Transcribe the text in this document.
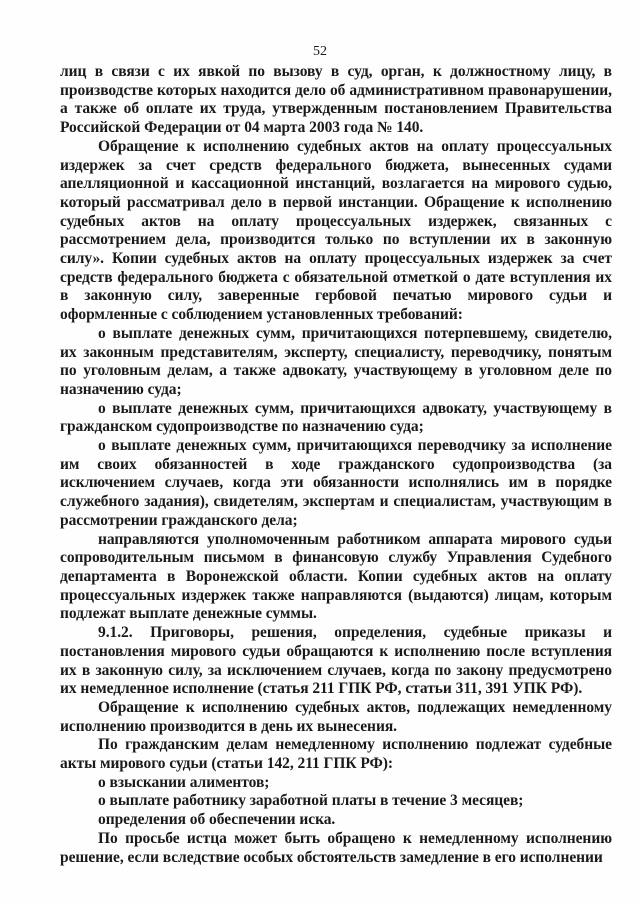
52

лиц в связи с их явкой по вызову в суд, орган, к должностному лицу, в производстве которых находится дело об административном правонарушении, а также об оплате их труда, утвержденным постановлением Правительства Российской Федерации от 04 марта 2003 года № 140.

Обращение к исполнению судебных актов на оплату процессуальных издержек за счет средств федерального бюджета, вынесенных судами апелляционной и кассационной инстанций, возлагается на мирового судью, который рассматривал дело в первой инстанции. Обращение к исполнению судебных актов на оплату процессуальных издержек, связанных с рассмотрением дела, производится только по вступлении их в законную силу». Копии судебных актов на оплату процессуальных издержек за счет средств федерального бюджета с обязательной отметкой о дате вступления их в законную силу, заверенные гербовой печатью мирового судьи и оформленные с соблюдением установленных требований:

о выплате денежных сумм, причитающихся потерпевшему, свидетелю, их законным представителям, эксперту, специалисту, переводчику, понятым по уголовным делам, а также адвокату, участвующему в уголовном деле по назначению суда;

о выплате денежных сумм, причитающихся адвокату, участвующему в гражданском судопроизводстве по назначению суда;

о выплате денежных сумм, причитающихся переводчику за исполнение им своих обязанностей в ходе гражданского судопроизводства (за исключением случаев, когда эти обязанности исполнялись им в порядке служебного задания), свидетелям, экспертам и специалистам, участвующим в рассмотрении гражданского дела;

направляются уполномоченным работником аппарата мирового судьи сопроводительным письмом в финансовую службу Управления Судебного департамента в Воронежской области. Копии судебных актов на оплату процессуальных издержек также направляются (выдаются) лицам, которым подлежат выплате денежные суммы.

9.1.2. Приговоры, решения, определения, судебные приказы и постановления мирового судьи обращаются к исполнению после вступления их в законную силу, за исключением случаев, когда по закону предусмотрено их немедленное исполнение (статья 211 ГПК РФ, статьи 311, 391 УПК РФ).

Обращение к исполнению судебных актов, подлежащих немедленному исполнению производится в день их вынесения.

По гражданским делам немедленному исполнению подлежат судебные акты мирового судьи (статьи 142, 211 ГПК РФ):

о взыскании алиментов;

о выплате работнику заработной платы в течение 3 месяцев;

определения об обеспечении иска.

По просьбе истца может быть обращено к немедленному исполнению решение, если вследствие особых обстоятельств замедление в его исполнении
